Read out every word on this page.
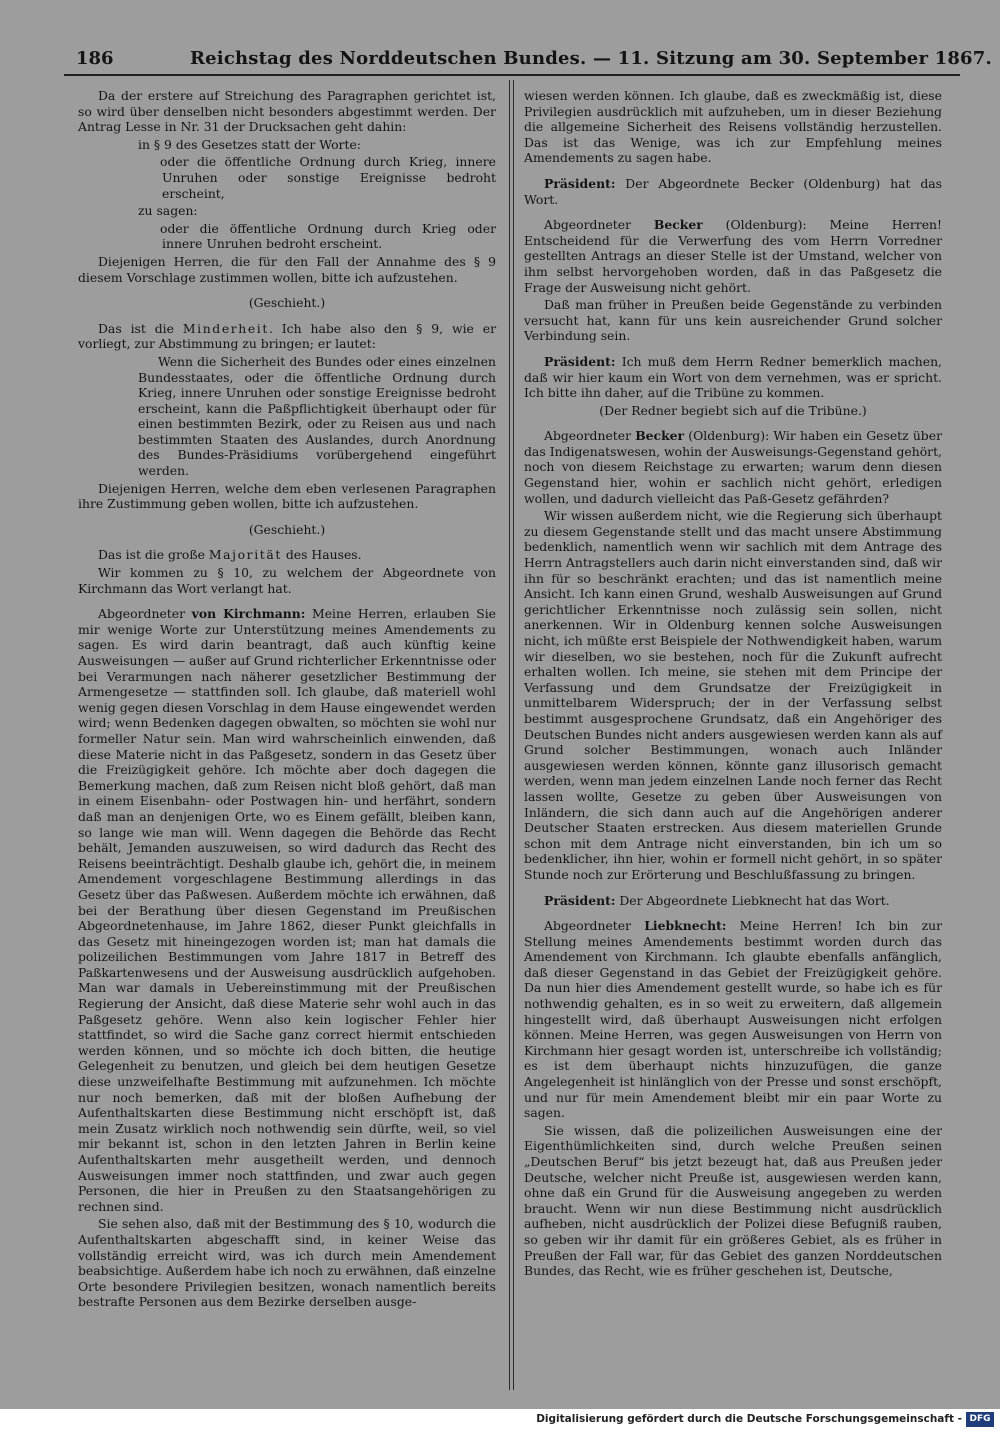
186	Reichstag des Norddeutschen Bundes. — 11. Sitzung am 30. September 1867.

Da der erstere auf Streichung des Paragraphen gerichtet ist, so wird über denselben nicht besonders abgestimmt werden. Der Antrag Lesse in Nr. 31 der Drucksachen geht dahin:

in § 9 des Gesetzes statt der Worte:

oder die öffentliche Ordnung durch Krieg, innere Unruhen oder sonstige Ereignisse bedroht erscheint,

zu sagen:

oder die öffentliche Ordnung durch Krieg oder innere Unruhen bedroht erscheint.

Diejenigen Herren, die für den Fall der Annahme des § 9 diesem Vorschlage zustimmen wollen, bitte ich aufzustehen.

(Geschieht.)

Das ist die Minderheit. Ich habe also den § 9, wie er vorliegt, zur Abstimmung zu bringen; er lautet:

Wenn die Sicherheit des Bundes oder eines einzelnen Bundesstaates, oder die öffentliche Ordnung durch Krieg, innere Unruhen oder sonstige Ereignisse bedroht erscheint, kann die Paßpflichtigkeit überhaupt oder für einen bestimmten Bezirk, oder zu Reisen aus und nach bestimmten Staaten des Auslandes, durch Anordnung des Bundes-Präsidiums vorübergehend eingeführt werden.

Diejenigen Herren, welche dem eben verlesenen Paragraphen ihre Zustimmung geben wollen, bitte ich aufzustehen.

(Geschieht.)

Das ist die große Majorität des Hauses.

Wir kommen zu § 10, zu welchem der Abgeordnete von Kirchmann das Wort verlangt hat.

Abgeordneter von Kirchmann: Meine Herren, erlauben Sie mir wenige Worte zur Unterstützung meines Amendements zu sagen. Es wird darin beantragt, daß auch künftig keine Ausweisungen — außer auf Grund richterlicher Erkenntnisse oder bei Verarmungen nach näherer gesetzlicher Bestimmung der Armengesetze — stattfinden soll. Ich glaube, daß materiell wohl wenig gegen diesen Vorschlag in dem Hause eingewendet werden wird; wenn Bedenken dagegen obwalten, so möchten sie wohl nur formeller Natur sein. Man wird wahrscheinlich einwenden, daß diese Materie nicht in das Paßgesetz, sondern in das Gesetz über die Freizügigkeit gehöre. Ich möchte aber doch dagegen die Bemerkung machen, daß zum Reisen nicht bloß gehört, daß man in einem Eisenbahn- oder Postwagen hin- und herfährt, sondern daß man an denjenigen Orte, wo es Einem gefällt, bleiben kann, so lange wie man will. Wenn dagegen die Behörde das Recht behält, Jemanden auszuweisen, so wird dadurch das Recht des Reisens beeinträchtigt. Deshalb glaube ich, gehört die, in meinem Amendement vorgeschlagene Bestimmung allerdings in das Gesetz über das Paßwesen. Außerdem möchte ich erwähnen, daß bei der Berathung über diesen Gegenstand im Preußischen Abgeordnetenhause, im Jahre 1862, dieser Punkt gleichfalls in das Gesetz mit hineingezogen worden ist; man hat damals die polizeilichen Bestimmungen vom Jahre 1817 in Betreff des Paßkartenwesens und der Ausweisung ausdrücklich aufgehoben. Man war damals in Uebereinstimmung mit der Preußischen Regierung der Ansicht, daß diese Materie sehr wohl auch in das Paßgesetz gehöre. Wenn also kein logischer Fehler hier stattfindet, so wird die Sache ganz correct hiermit entschieden werden können, und so möchte ich doch bitten, die heutige Gelegenheit zu benutzen, und gleich bei dem heutigen Gesetze diese unzweifelhafte Bestimmung mit aufzunehmen. Ich möchte nur noch bemerken, daß mit der bloßen Aufhebung der Aufenthaltskarten diese Bestimmung nicht erschöpft ist, daß mein Zusatz wirklich noch nothwendig sein dürfte, weil, so viel mir bekannt ist, schon in den letzten Jahren in Berlin keine Aufenthaltskarten mehr ausgetheilt werden, und dennoch Ausweisungen immer noch stattfinden, und zwar auch gegen Personen, die hier in Preußen zu den Staatsangehörigen zu rechnen sind.

Sie sehen also, daß mit der Bestimmung des § 10, wodurch die Aufenthaltskarten abgeschafft sind, in keiner Weise das vollständig erreicht wird, was ich durch mein Amendement beabsichtige. Außerdem habe ich noch zu erwähnen, daß einzelne Orte besondere Privilegien besitzen, wonach namentlich bereits bestrafte Personen aus dem Bezirke derselben ausge-

wiesen werden können. Ich glaube, daß es zweckmäßig ist, diese Privilegien ausdrücklich mit aufzuheben, um in dieser Beziehung die allgemeine Sicherheit des Reisens vollständig herzustellen. Das ist das Wenige, was ich zur Empfehlung meines Amendements zu sagen habe.

Präsident: Der Abgeordnete Becker (Oldenburg) hat das Wort.

Abgeordneter Becker (Oldenburg): Meine Herren! Entscheidend für die Verwerfung des vom Herrn Vorredner gestellten Antrags an dieser Stelle ist der Umstand, welcher von ihm selbst hervorgehoben worden, daß in das Paßgesetz die Frage der Ausweisung nicht gehört.

Daß man früher in Preußen beide Gegenstände zu verbinden versucht hat, kann für uns kein ausreichender Grund solcher Verbindung sein.

Präsident: Ich muß dem Herrn Redner bemerklich machen, daß wir hier kaum ein Wort von dem vernehmen, was er spricht. Ich bitte ihn daher, auf die Tribüne zu kommen.

(Der Redner begiebt sich auf die Tribüne.)

Abgeordneter Becker (Oldenburg): Wir haben ein Gesetz über das Indigenatswesen, wohin der Ausweisungs-Gegenstand gehört, noch von diesem Reichstage zu erwarten; warum denn diesen Gegenstand hier, wohin er sachlich nicht gehört, erledigen wollen, und dadurch vielleicht das Paß-Gesetz gefährden?

Wir wissen außerdem nicht, wie die Regierung sich überhaupt zu diesem Gegenstande stellt und das macht unsere Abstimmung bedenklich, namentlich wenn wir sachlich mit dem Antrage des Herrn Antragstellers auch darin nicht einverstanden sind, daß wir ihn für so beschränkt erachten; und das ist namentlich meine Ansicht. Ich kann einen Grund, weshalb Ausweisungen auf Grund gerichtlicher Erkenntnisse noch zulässig sein sollen, nicht anerkennen. Wir in Oldenburg kennen solche Ausweisungen nicht, ich müßte erst Beispiele der Nothwendigkeit haben, warum wir dieselben, wo sie bestehen, noch für die Zukunft aufrecht erhalten wollen. Ich meine, sie stehen mit dem Principe der Verfassung und dem Grundsatze der Freizügigkeit in unmittelbarem Widerspruch; der in der Verfassung selbst bestimmt ausgesprochene Grundsatz, daß ein Angehöriger des Deutschen Bundes nicht anders ausgewiesen werden kann als auf Grund solcher Bestimmungen, wonach auch Inländer ausgewiesen werden können, könnte ganz illusorisch gemacht werden, wenn man jedem einzelnen Lande noch ferner das Recht lassen wollte, Gesetze zu geben über Ausweisungen von Inländern, die sich dann auch auf die Angehörigen anderer Deutscher Staaten erstrecken. Aus diesem materiellen Grunde schon mit dem Antrage nicht einverstanden, bin ich um so bedenklicher, ihn hier, wohin er formell nicht gehört, in so später Stunde noch zur Erörterung und Beschlußfassung zu bringen.

Präsident: Der Abgeordnete Liebknecht hat das Wort.

Abgeordneter Liebknecht: Meine Herren! Ich bin zur Stellung meines Amendements bestimmt worden durch das Amendement von Kirchmann. Ich glaubte ebenfalls anfänglich, daß dieser Gegenstand in das Gebiet der Freizügigkeit gehöre. Da nun hier dies Amendement gestellt wurde, so habe ich es für nothwendig gehalten, es in so weit zu erweitern, daß allgemein hingestellt wird, daß überhaupt Ausweisungen nicht erfolgen können. Meine Herren, was gegen Ausweisungen von Herrn von Kirchmann hier gesagt worden ist, unterschreibe ich vollständig; es ist dem überhaupt nichts hinzuzufügen, die ganze Angelegenheit ist hinlänglich von der Presse und sonst erschöpft, und nur für mein Amendement bleibt mir ein paar Worte zu sagen.

Sie wissen, daß die polizeilichen Ausweisungen eine der Eigenthümlichkeiten sind, durch welche Preußen seinen „Deutschen Beruf“ bis jetzt bezeugt hat, daß aus Preußen jeder Deutsche, welcher nicht Preuße ist, ausgewiesen werden kann, ohne daß ein Grund für die Ausweisung angegeben zu werden braucht. Wenn wir nun diese Bestimmung nicht ausdrücklich aufheben, nicht ausdrücklich der Polizei diese Befugniß rauben, so geben wir ihr damit für ein größeres Gebiet, als es früher in Preußen der Fall war, für das Gebiet des ganzen Norddeutschen Bundes, das Recht, wie es früher geschehen ist, Deutsche,

Digitalisierung gefördert durch die Deutsche Forschungsgemeinschaft - DFG
